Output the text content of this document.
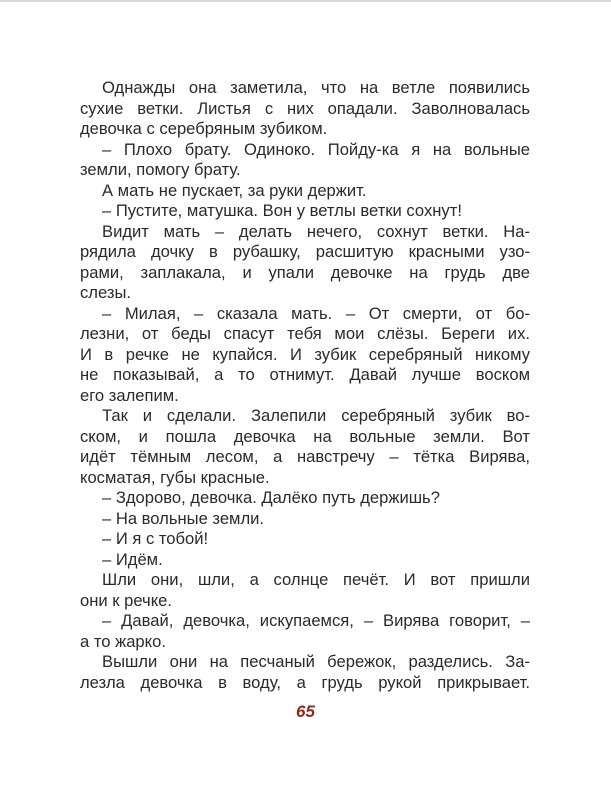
Однажды она заметила, что на ветле появились
сухие ветки. Листья с них опадали. Заволновалась
девочка с серебряным зубиком.
– Плохо брату. Одиноко. Пойду-ка я на вольные
земли, помогу брату.
А мать не пускает, за руки держит.
– Пустите, матушка. Вон у ветлы ветки сохнут!
Видит мать – делать нечего, сохнут ветки. На-
рядила дочку в рубашку, расшитую красными узо-
рами, заплакала, и упали девочке на грудь две
слезы.
– Милая, – сказала мать. – От смерти, от бо-
лезни, от беды спасут тебя мои слёзы. Береги их.
И в речке не купайся. И зубик серебряный никому
не показывай, а то отнимут. Давай лучше воском
его залепим.
Так и сделали. Залепили серебряный зубик во-
ском, и пошла девочка на вольные земли. Вот
идёт тёмным лесом, а навстречу – тётка Вирява,
косматая, губы красные.
– Здорово, девочка. Далёко путь держишь?
– На вольные земли.
– И я с тобой!
– Идём.
Шли они, шли, а солнце печёт. И вот пришли
они к речке.
– Давай, девочка, искупаемся, – Вирява говорит, –
а то жарко.
Вышли они на песчаный бережок, разделись. За-
лезла девочка в воду, а грудь рукой прикрывает.
65
